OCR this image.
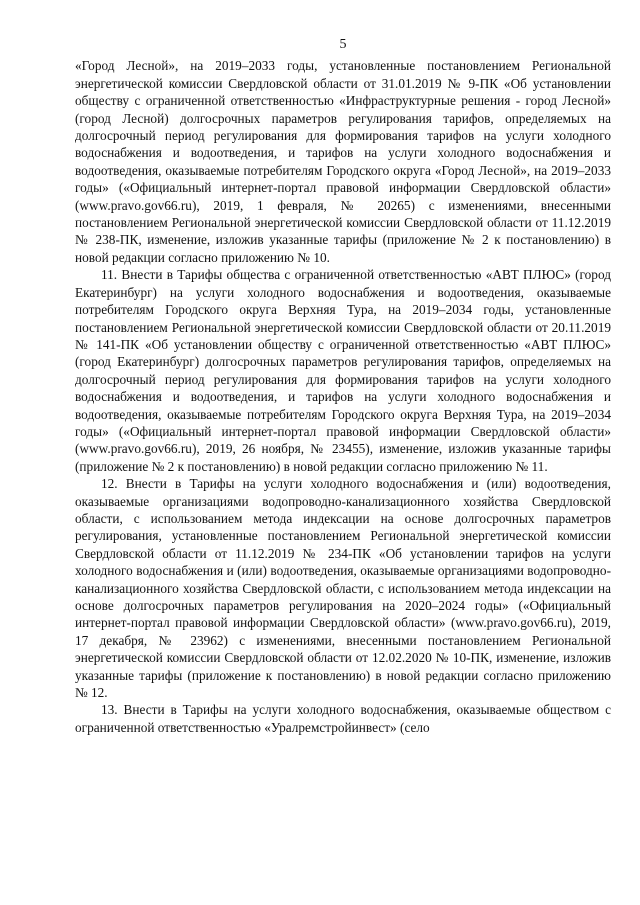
5

«Город Лесной», на 2019–2033 годы, установленные постановлением Региональной энергетической комиссии Свердловской области от 31.01.2019 № 9-ПК «Об установлении обществу с ограниченной ответственностью «Инфраструктурные решения - город Лесной» (город Лесной) долгосрочных параметров регулирования тарифов, определяемых на долгосрочный период регулирования для формирования тарифов на услуги холодного водоснабжения и водоотведения, и тарифов на услуги холодного водоснабжения и водоотведения, оказываемые потребителям Городского округа «Город Лесной», на 2019–2033 годы» («Официальный интернет-портал правовой информации Свердловской области» (www.pravo.gov66.ru), 2019, 1 февраля, № 20265) с изменениями, внесенными постановлением Региональной энергетической комиссии Свердловской области от 11.12.2019 № 238-ПК, изменение, изложив указанные тарифы (приложение № 2 к постановлению) в новой редакции согласно приложению № 10.

11. Внести в Тарифы общества с ограниченной ответственностью «АВТ ПЛЮС» (город Екатеринбург) на услуги холодного водоснабжения и водоотведения, оказываемые потребителям Городского округа Верхняя Тура, на 2019–2034 годы, установленные постановлением Региональной энергетической комиссии Свердловской области от 20.11.2019 № 141-ПК «Об установлении обществу с ограниченной ответственностью «АВТ ПЛЮС» (город Екатеринбург) долгосрочных параметров регулирования тарифов, определяемых на долгосрочный период регулирования для формирования тарифов на услуги холодного водоснабжения и водоотведения, и тарифов на услуги холодного водоснабжения и водоотведения, оказываемые потребителям Городского округа Верхняя Тура, на 2019–2034 годы» («Официальный интернет-портал правовой информации Свердловской области» (www.pravo.gov66.ru), 2019, 26 ноября, № 23455), изменение, изложив указанные тарифы (приложение № 2 к постановлению) в новой редакции согласно приложению № 11.

12. Внести в Тарифы на услуги холодного водоснабжения и (или) водоотведения, оказываемые организациями водопроводно-канализационного хозяйства Свердловской области, с использованием метода индексации на основе долгосрочных параметров регулирования, установленные постановлением Региональной энергетической комиссии Свердловской области от 11.12.2019 № 234-ПК «Об установлении тарифов на услуги холодного водоснабжения и (или) водоотведения, оказываемые организациями водопроводно-канализационного хозяйства Свердловской области, с использованием метода индексации на основе долгосрочных параметров регулирования на 2020–2024 годы» («Официальный интернет-портал правовой информации Свердловской области» (www.pravo.gov66.ru), 2019, 17 декабря, № 23962) с изменениями, внесенными постановлением Региональной энергетической комиссии Свердловской области от 12.02.2020 № 10-ПК, изменение, изложив указанные тарифы (приложение к постановлению) в новой редакции согласно приложению № 12.

13. Внести в Тарифы на услуги холодного водоснабжения, оказываемые обществом с ограниченной ответственностью «Уралремстройинвест» (село
